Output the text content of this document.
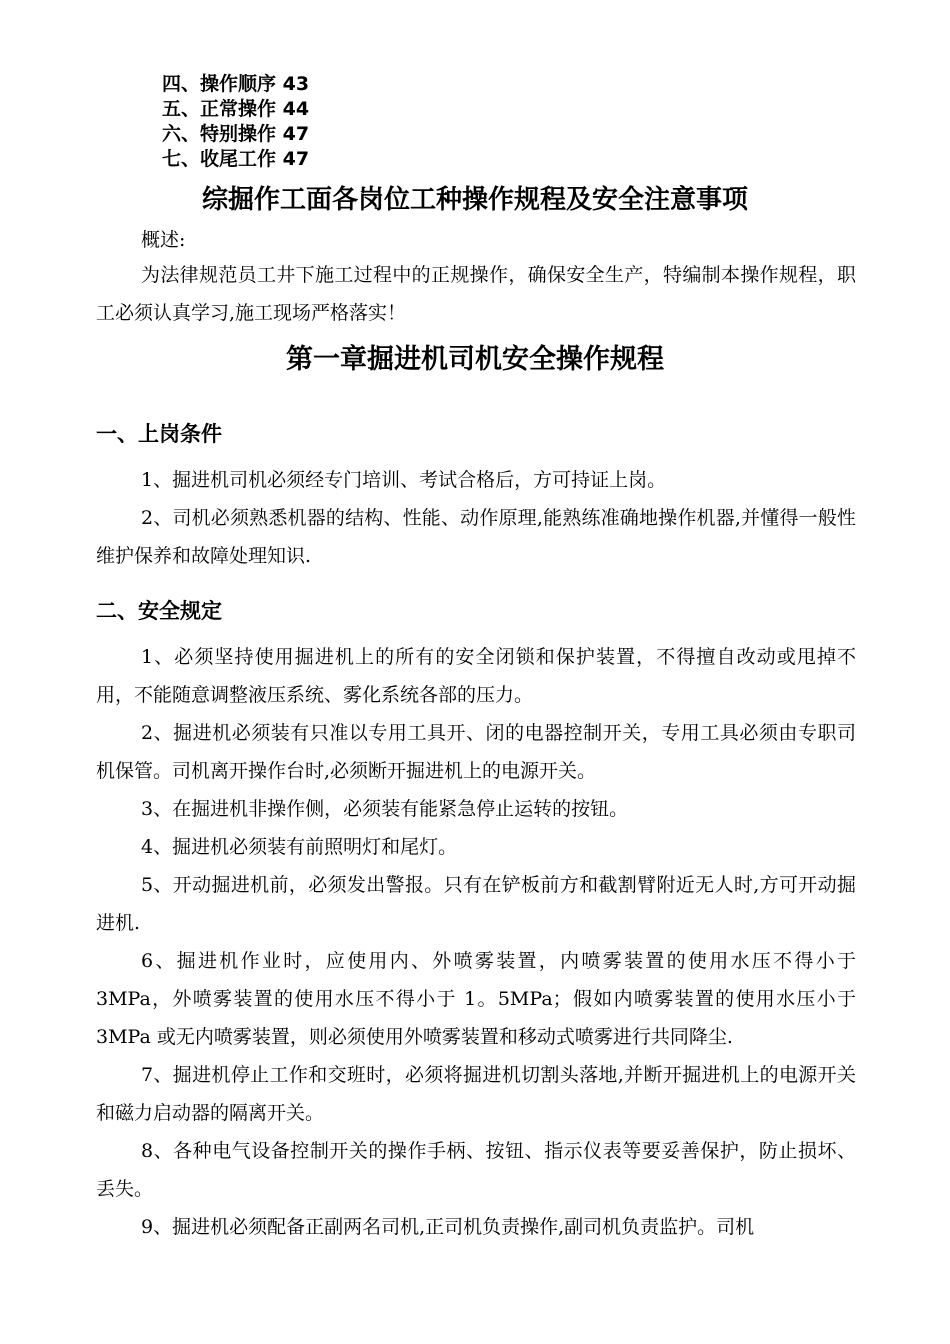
四、操作顺序 43
五、正常操作 44
六、特别操作 47
七、收尾工作 47
综掘作工面各岗位工种操作规程及安全注意事项
概述:

为法律规范员工井下施工过程中的正规操作，确保安全生产，特编制本操作规程，职工必须认真学习,施工现场严格落实！

第一章掘进机司机安全操作规程
一、上岗条件

1、掘进机司机必须经专门培训、考试合格后，方可持证上岗。

2、司机必须熟悉机器的结构、性能、动作原理,能熟练准确地操作机器,并懂得一般性维护保养和故障处理知识.

二、安全规定

1、必须坚持使用掘进机上的所有的安全闭锁和保护装置，不得擅自改动或甩掉不用，不能随意调整液压系统、雾化系统各部的压力。

2、掘进机必须装有只准以专用工具开、闭的电器控制开关，专用工具必须由专职司机保管。司机离开操作台时,必须断开掘进机上的电源开关。

3、在掘进机非操作侧，必须装有能紧急停止运转的按钮。

4、掘进机必须装有前照明灯和尾灯。

5、开动掘进机前，必须发出警报。只有在铲板前方和截割臂附近无人时,方可开动掘进机.

6、掘进机作业时，应使用内、外喷雾装置，内喷雾装置的使用水压不得小于 3MPa，外喷雾装置的使用水压不得小于 1。5MPa；假如内喷雾装置的使用水压小于 3MPa 或无内喷雾装置，则必须使用外喷雾装置和移动式喷雾进行共同降尘.

7、掘进机停止工作和交班时，必须将掘进机切割头落地,并断开掘进机上的电源开关和磁力启动器的隔离开关。

8、各种电气设备控制开关的操作手柄、按钮、指示仪表等要妥善保护，防止损坏、丢失。

9、掘进机必须配备正副两名司机,正司机负责操作,副司机负责监护。司机
